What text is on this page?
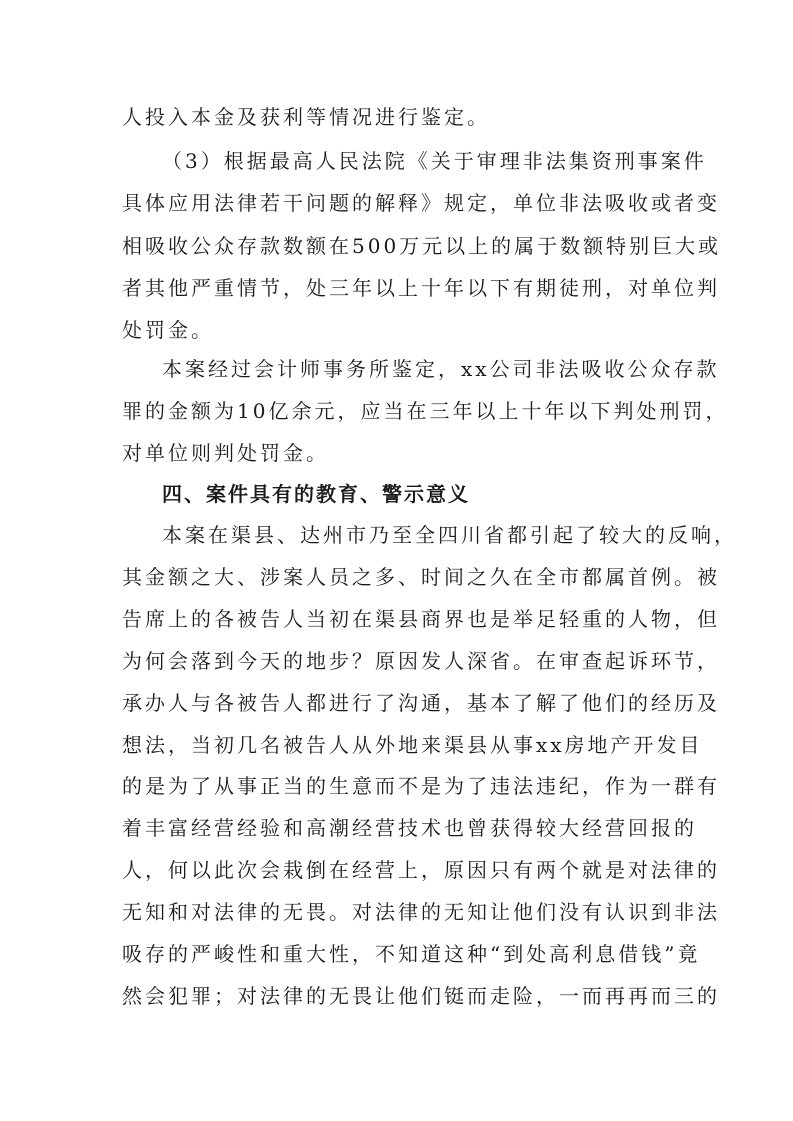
人投入本金及获利等情况进行鉴定。
（3）根据最高人民法院《关于审理非法集资刑事案件
具体应用法律若干问题的解释》规定，单位非法吸收或者变
相吸收公众存款数额在500万元以上的属于数额特别巨大或
者其他严重情节，处三年以上十年以下有期徒刑，对单位判
处罚金。
本案经过会计师事务所鉴定，xx公司非法吸收公众存款
罪的金额为10亿余元，应当在三年以上十年以下判处刑罚，
对单位则判处罚金。
四、案件具有的教育、警示意义
本案在渠县、达州市乃至全四川省都引起了较大的反响，
其金额之大、涉案人员之多、时间之久在全市都属首例。被
告席上的各被告人当初在渠县商界也是举足轻重的人物，但
为何会落到今天的地步？原因发人深省。在审查起诉环节，
承办人与各被告人都进行了沟通，基本了解了他们的经历及
想法，当初几名被告人从外地来渠县从事xx房地产开发目
的是为了从事正当的生意而不是为了违法违纪，作为一群有
着丰富经营经验和高潮经营技术也曾获得较大经营回报的
人，何以此次会栽倒在经营上，原因只有两个就是对法律的
无知和对法律的无畏。对法律的无知让他们没有认识到非法
吸存的严峻性和重大性，不知道这种“到处高利息借钱”竟
然会犯罪；对法律的无畏让他们铤而走险，一而再再而三的
